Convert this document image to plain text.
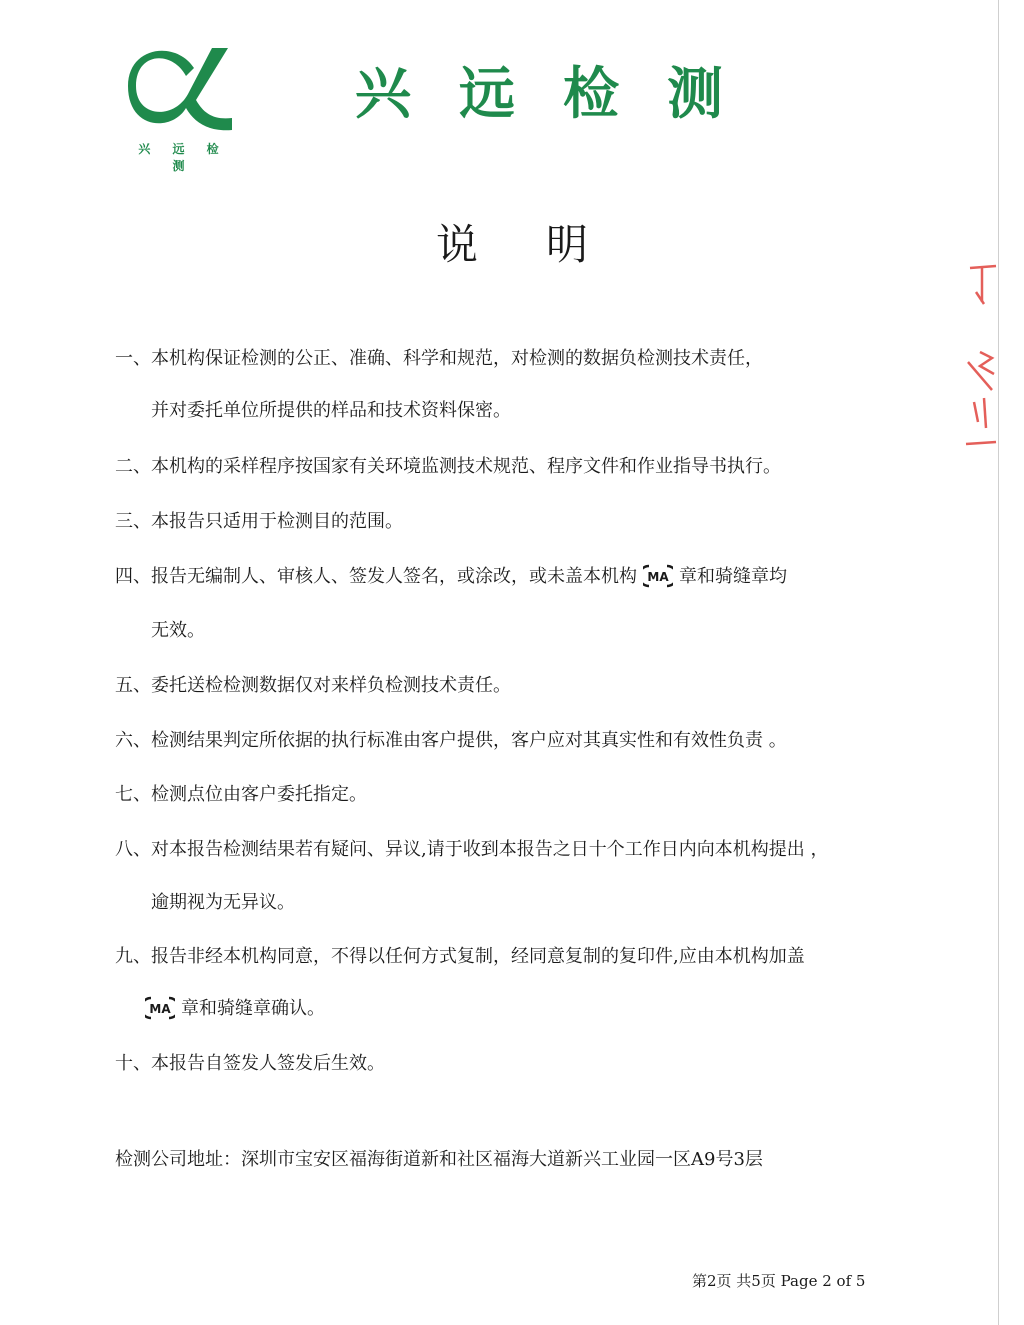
兴 远 检 测
兴远检测
说明
一、本机构保证检测的公正、准确、科学和规范，对检测的数据负检测技术责任，
并对委托单位所提供的样品和技术资料保密。
二、本机构的采样程序按国家有关环境监测技术规范、程序文件和作业指导书执行。
三、本报告只适用于检测目的范围。
四、报告无编制人、审核人、签发人签名，或涂改，或未盖本机构 MA 章和骑缝章均
无效。
五、委托送检检测数据仅对来样负检测技术责任。
六、检测结果判定所依据的执行标准由客户提供，客户应对其真实性和有效性负责 。
七、检测点位由客户委托指定。
八、对本报告检测结果若有疑问、异议,请于收到本报告之日十个工作日内向本机构提出 ，
逾期视为无异议。
九、报告非经本机构同意，不得以任何方式复制，经同意复制的复印件,应由本机构加盖
MA 章和骑缝章确认。
十、本报告自签发人签发后生效。
检测公司地址：深圳市宝安区福海街道新和社区福海大道新兴工业园一区A9号3层
第2页 共5页 Page 2 of 5
